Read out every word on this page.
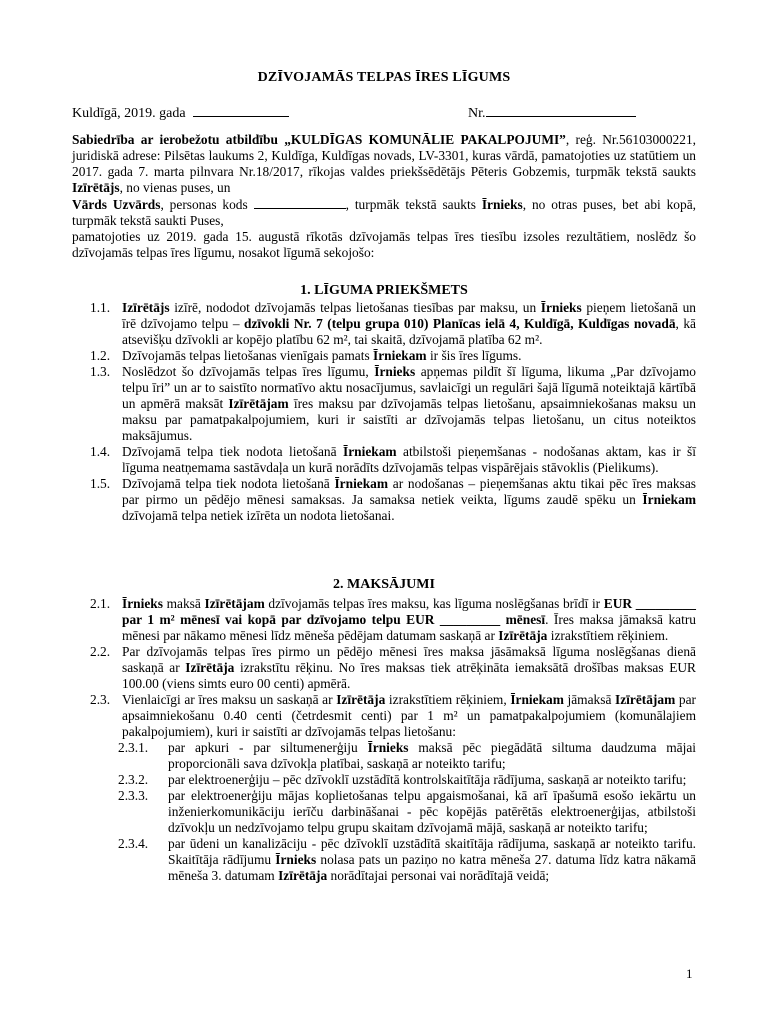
DZĪVOJAMĀS TELPAS ĪRES LĪGUMS
Kuldīgā, 2019. gada	Nr.

Sabiedrība ar ierobežotu atbildību „KULDĪGAS KOMUNĀLIE PAKALPOJUMI”, reģ. Nr.56103000221, juridiskā adrese: Pilsētas laukums 2, Kuldīga, Kuldīgas novads, LV-3301, kuras vārdā, pamatojoties uz statūtiem un 2017. gada 7. marta pilnvara Nr.18/2017, rīkojas valdes priekšsēdētājs Pēteris Gobzemis, turpmāk tekstā saukts Izīrētājs, no vienas puses, un

Vārds Uzvārds, personas kods	, turpmāk tekstā saukts Īrnieks, no otras puses, bet abi kopā, turpmāk tekstā saukti Puses,

pamatojoties uz 2019. gada 15. augustā rīkotās dzīvojamās telpas īres tiesību izsoles rezultātiem, noslēdz šo dzīvojamās telpas īres līgumu, nosakot līgumā sekojošo:

1. LĪGUMA PRIEKŠMETS

1.1. Izīrētājs izīrē, nododot dzīvojamās telpas lietošanas tiesības par maksu, un Īrnieks pieņem lietošanā un īrē dzīvojamo telpu – dzīvokli Nr. 7 (telpu grupa 010) Planīcas ielā 4, Kuldīgā, Kuldīgas novadā, kā atsevišķu dzīvokli ar kopējo platību 62 m², tai skaitā, dzīvojamā platība 62 m².

1.2. Dzīvojamās telpas lietošanas vienīgais pamats Īrniekam ir šis īres līgums.

1.3. Noslēdzot šo dzīvojamās telpas īres līgumu, Īrnieks apņemas pildīt šī līguma, likuma „Par dzīvojamo telpu īri” un ar to saistīto normatīvo aktu nosacījumus, savlaicīgi un regulāri šajā līgumā noteiktajā kārtībā un apmērā maksāt Izīrētājam īres maksu par dzīvojamās telpas lietošanu, apsaimniekošanas maksu un maksu par pamatpakalpojumiem, kuri ir saistīti ar dzīvojamās telpas lietošanu, un citus noteiktos maksājumus.

1.4. Dzīvojamā telpa tiek nodota lietošanā Īrniekam atbilstoši pieņemšanas - nodošanas aktam, kas ir šī līguma neatņemama sastāvdaļa un kurā norādīts dzīvojamās telpas vispārējais stāvoklis (Pielikums).

1.5. Dzīvojamā telpa tiek nodota lietošanā Īrniekam ar nodošanas – pieņemšanas aktu tikai pēc īres maksas par pirmo un pēdējo mēnesi samaksas. Ja samaksa netiek veikta, līgums zaudē spēku un Īrniekam dzīvojamā telpa netiek izīrēta un nodota lietošanai.

2. MAKSĀJUMI

2.1. Īrnieks maksā Izīrētājam dzīvojamās telpas īres maksu, kas līguma noslēgšanas brīdī ir EUR _________ par 1 m² mēnesī vai kopā par dzīvojamo telpu EUR _________ mēnesī. Īres maksa jāmaksā katru mēnesi par nākamo mēnesi līdz mēneša pēdējam datumam saskaņā ar Izīrētāja izrakstītiem rēķiniem.

2.2. Par dzīvojamās telpas īres pirmo un pēdējo mēnesi īres maksa jāsāmaksā līguma noslēgšanas dienā saskaņā ar Izīrētāja izrakstītu rēķinu. No īres maksas tiek atrēķināta iemaksātā drošības maksas EUR 100.00 (viens simts euro 00 centi) apmērā.

2.3. Vienlaicīgi ar īres maksu un saskaņā ar Izīrētāja izrakstītiem rēķiniem, Īrniekam jāmaksā Izīrētājam par apsaimniekošanu 0.40 centi (četrdesmit centi) par 1 m² un pamatpakalpojumiem (komunālajiem pakalpojumiem), kuri ir saistīti ar dzīvojamās telpas lietošanu:

2.3.1. par apkuri - par siltumenerģiju Īrnieks maksā pēc piegādātā siltuma daudzuma mājai proporcionāli sava dzīvokļa platībai, saskaņā ar noteikto tarifu;

2.3.2. par elektroenerģiju – pēc dzīvoklī uzstādītā kontrolskaitītāja rādījuma, saskaņā ar noteikto tarifu;

2.3.3. par elektroenerģiju mājas koplietošanas telpu apgaismošanai, kā arī īpašumā esošo iekārtu un inženierkomunikāciju ierīču darbināšanai - pēc kopējās patērētās elektroenerģijas, atbilstoši dzīvokļu un nedzīvojamo telpu grupu skaitam dzīvojamā mājā, saskaņā ar noteikto tarifu;

2.3.4. par ūdeni un kanalizāciju - pēc dzīvoklī uzstādītā skaitītāja rādījuma, saskaņā ar noteikto tarifu. Skaitītāja rādījumu Īrnieks nolasa pats un paziņo no katra mēneša 27. datuma līdz katra nākamā mēneša 3. datumam Izīrētāja norādītajai personai vai norādītajā veidā;

1
